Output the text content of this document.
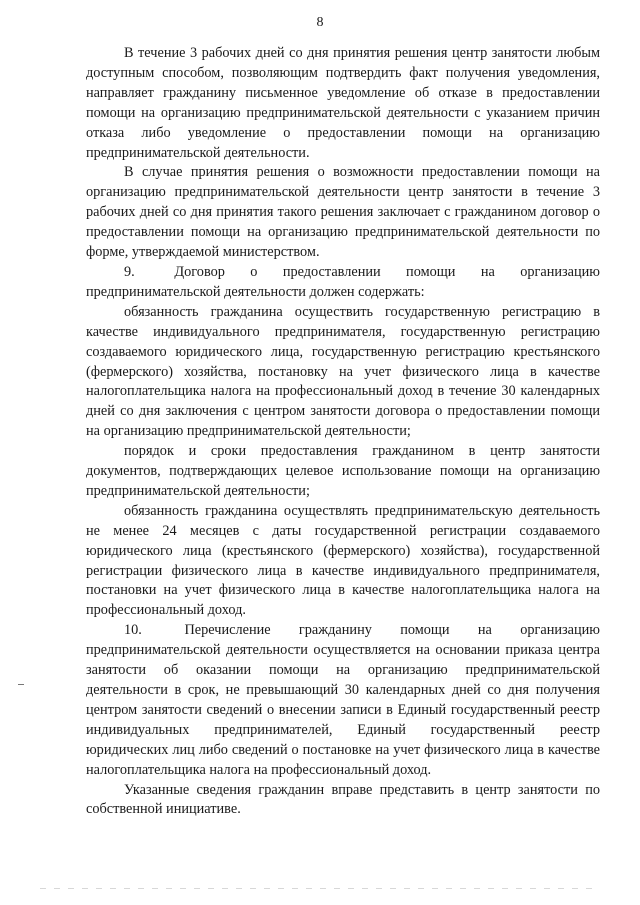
8

В течение 3 рабочих дней со дня принятия решения центр занятости любым доступным способом, позволяющим подтвердить факт получения уведомления, направляет гражданину письменное уведомление об отказе в предоставлении помощи на организацию предпринимательской деятельности с указанием причин отказа либо уведомление о предоставлении помощи на организацию предпринимательской деятельности.

В случае принятия решения о возможности предоставлении помощи на организацию предпринимательской деятельности центр занятости в течение 3 рабочих дней со дня принятия такого решения заключает с гражданином договор о предоставлении помощи на организацию предпринимательской деятельности по форме, утверждаемой министерством.

9.  Договор о предоставлении помощи на организацию предпринимательской деятельности должен содержать:

обязанность гражданина осуществить государственную регистрацию в качестве индивидуального предпринимателя, государственную регистрацию создаваемого юридического лица, государственную регистрацию крестьянского (фермерского) хозяйства, постановку на учет физического лица в качестве налогоплательщика налога на профессиональный доход в течение 30 календарных дней со дня заключения с центром занятости договора о предоставлении помощи на организацию предпринимательской деятельности;

порядок и сроки предоставления гражданином в центр занятости документов, подтверждающих целевое использование помощи на организацию предпринимательской деятельности;

обязанность гражданина осуществлять предпринимательскую деятельность не менее 24 месяцев с даты государственной регистрации создаваемого юридического лица (крестьянского (фермерского) хозяйства), государственной регистрации физического лица в качестве индивидуального предпринимателя, постановки на учет физического лица в качестве налогоплательщика налога на профессиональный доход.

10.  Перечисление гражданину помощи на организацию предпринимательской деятельности осуществляется на основании приказа центра занятости об оказании помощи на организацию предпринимательской деятельности в срок, не превышающий 30 календарных дней со дня получения центром занятости сведений о внесении записи в Единый государственный реестр индивидуальных предпринимателей, Единый государственный реестр юридических лиц либо сведений о постановке на учет физического лица в качестве налогоплательщика налога на профессиональный доход.

Указанные сведения гражданин вправе представить в центр занятости по собственной инициативе.
